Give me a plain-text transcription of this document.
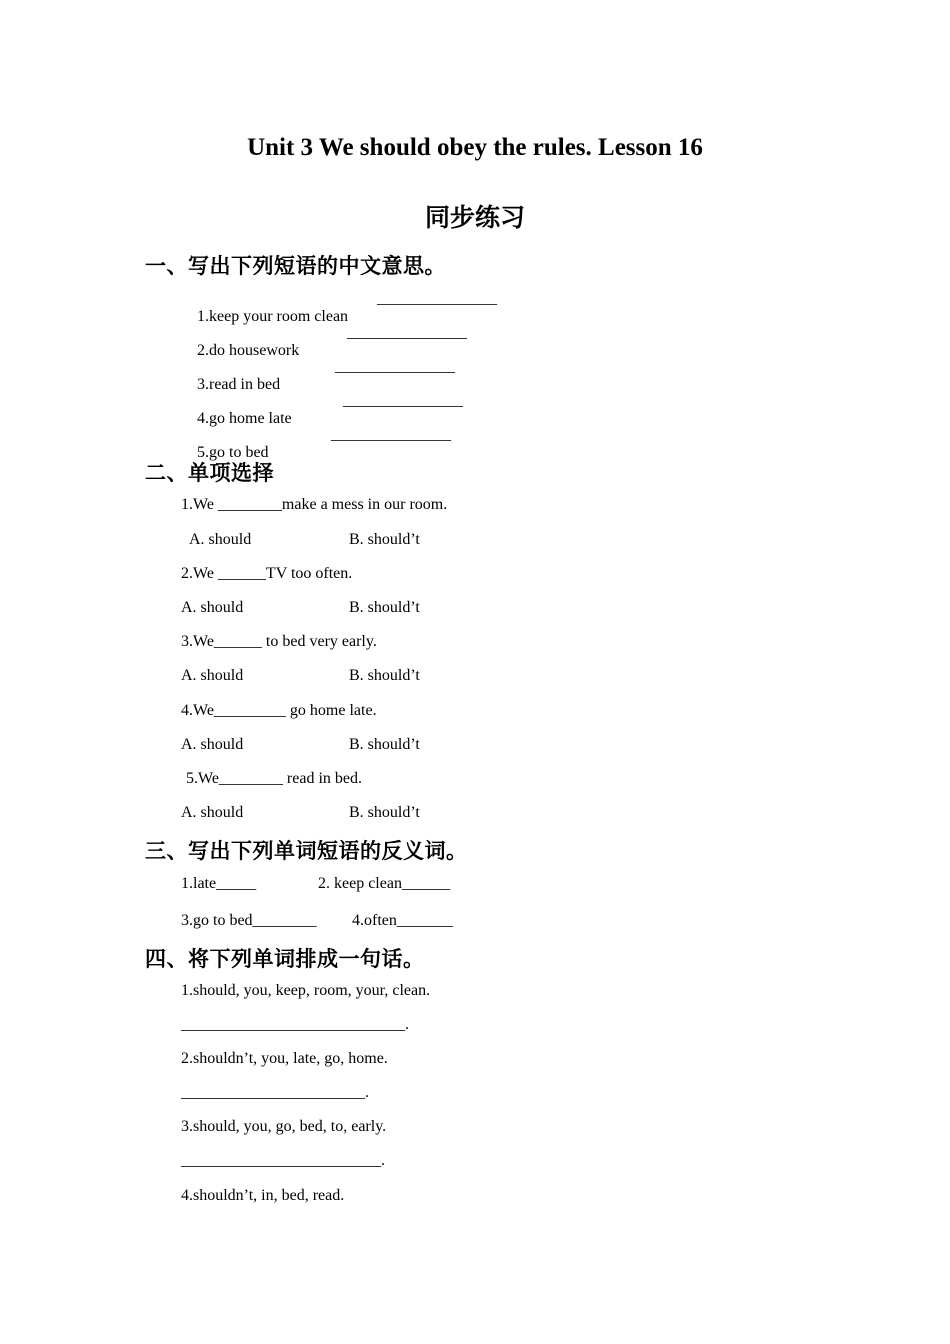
Unit 3 We should obey the rules. Lesson 16
同步练习
一、写出下列短语的中文意思。

1.keep your room clean

_______________

2.do housework

_______________

3.read in bed

_______________

4.go home late

_______________

5.go to bed

_______________
二、单项选择
1.We ________make a mess in our room.
A. should	B. should’t
2.We ______TV too often.
A. should	B. should’t
3.We______ to bed very early.
A. should	B. should’t
4.We_________ go home late.
A. should	B. should’t
5.We________ read in bed.
A. should	B. should’t
三、写出下列单词短语的反义词。
1.late_____	2. keep clean______
3.go to bed________ 4.often_______
四、将下列单词排成一句话。
1.should, you, keep, room, your, clean.
____________________________.
2.shouldn’t, you, late, go, home.
_______________________.
3.should, you, go, bed, to, early.
_________________________.
4.shouldn’t, in, bed, read.
